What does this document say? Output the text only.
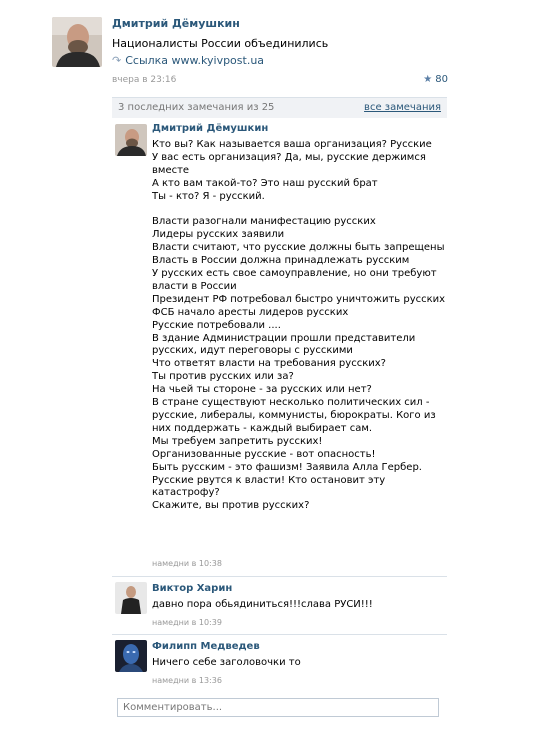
Дмитрий Дёмушкин
Националисты России объединились
↷ Ссылка www.kyivpost.ua
вчера в 23:16	★ 80
3 последних замечания из 25	все замечания
Дмитрий Дёмушкин
Кто вы? Как называется ваша организация? Русские
У вас есть организация? Да, мы, русские держимся
вместе
А кто вам такой-то? Это наш русский брат
Ты - кто? Я - русский.
Власти разогнали манифестацию русских
Лидеры русских заявили
Власти считают, что русские должны быть запрещены
Власть в России должна принадлежать русским
У русских есть свое самоуправление, но они требуют
власти в России
Президент РФ потребовал быстро уничтожить русских
ФСБ начало аресты лидеров русских
Русские потребовали ....
В здание Администрации прошли представители
русских, идут переговоры с русскими
Что ответят власти на требования русских?
Ты против русских или за?
На чьей ты стороне - за русских или нет?
В стране существуют несколько политических сил -
русские, либералы, коммунисты, бюрократы. Кого из
них поддержать - каждый выбирает сам.
Мы требуем запретить русских!
Организованные русские - вот опасность!
Быть русским - это фашизм! Заявила Алла Гербер.
Русские рвутся к власти! Кто остановит эту
катастрофу?
Скажите, вы против русских?
намедни в 10:38
Виктор Харин
давно пора обьядиниться!!!слава РУСИ!!!
намедни в 10:39
Филипп Медведев
Ничего себе заголовочки то
намедни в 13:36
Комментировать...
